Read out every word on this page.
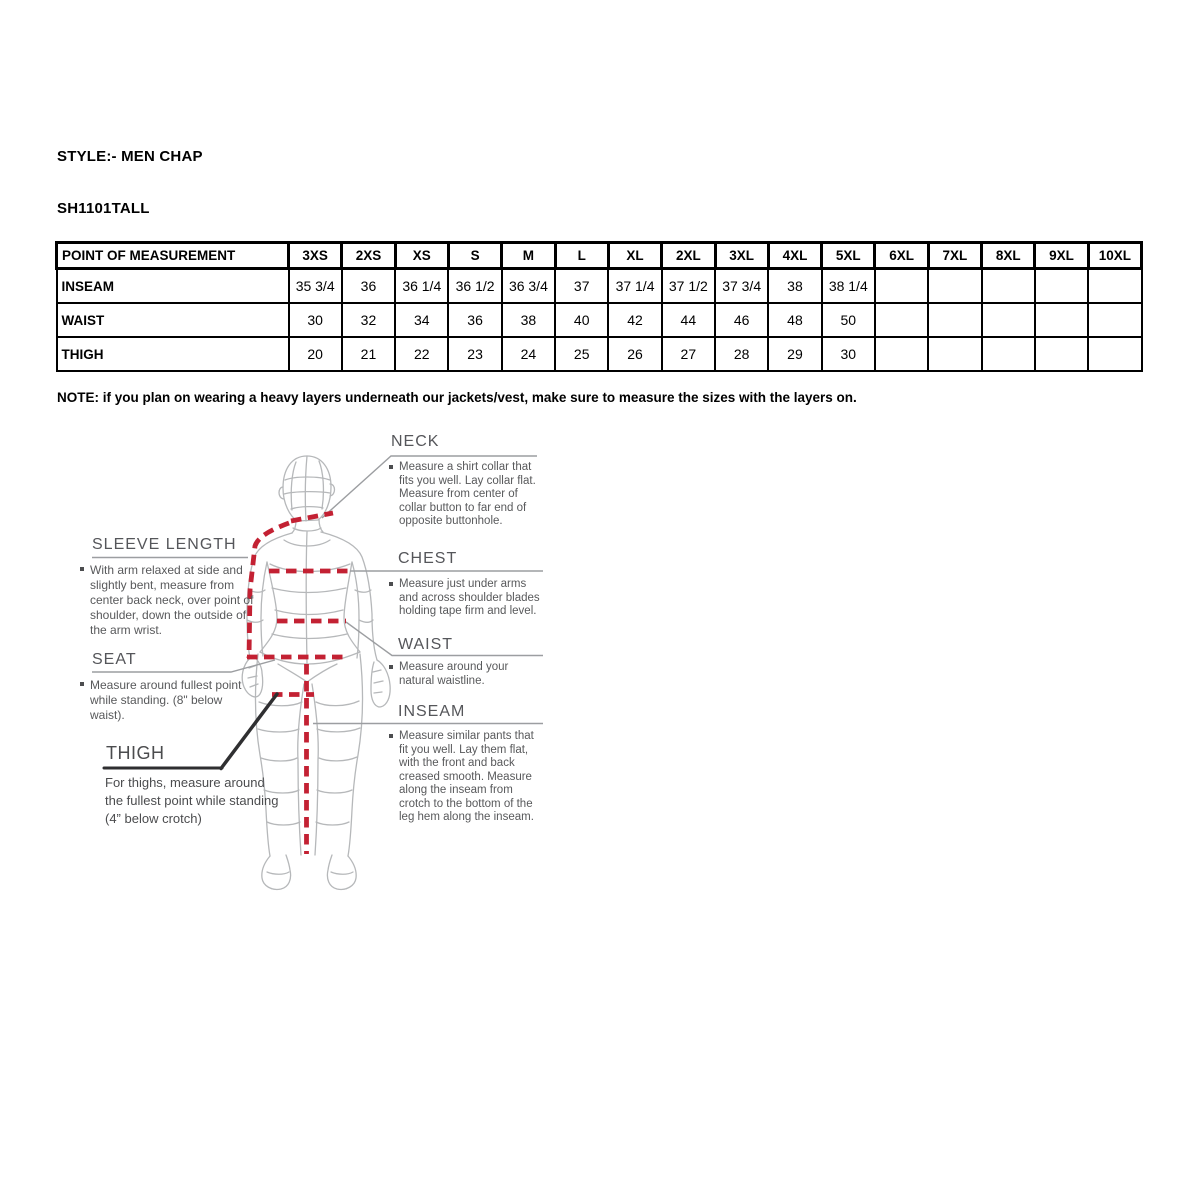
STYLE:- MEN CHAP
SH1101TALL
POINT OF MEASUREMENT	3XS	2XS	XS	S	M	L	XL	2XL	3XL	4XL	5XL	6XL	7XL	8XL	9XL	10XL
INSEAM	35 3/4	36	36 1/4	36 1/2	36 3/4	37	37 1/4	37 1/2	37 3/4	38	38 1/4					
WAIST	30	32	34	36	38	40	42	44	46	48	50					
THIGH	20	21	22	23	24	25	26	27	28	29	30					
NOTE: if you plan on wearing a heavy layers underneath our jackets/vest, make sure to measure the sizes with the layers on.
NECK
Measure a shirt collar that fits you well. Lay collar flat. Measure from center of collar button to far end of opposite buttonhole.
CHEST
Measure just under arms and across shoulder blades holding tape firm and level.
WAIST
Measure around your natural waistline.
INSEAM
Measure similar pants that fit you well. Lay them flat, with the front and back creased smooth. Measure along the inseam from crotch to the bottom of the leg hem along the inseam.
SLEEVE LENGTH
With arm relaxed at side and slightly bent, measure from center back neck, over point of shoulder, down the outside of the arm wrist.
SEAT
Measure around fullest point while standing. (8" below waist).
THIGH
For thighs, measure around the fullest point while standing (4” below crotch)
